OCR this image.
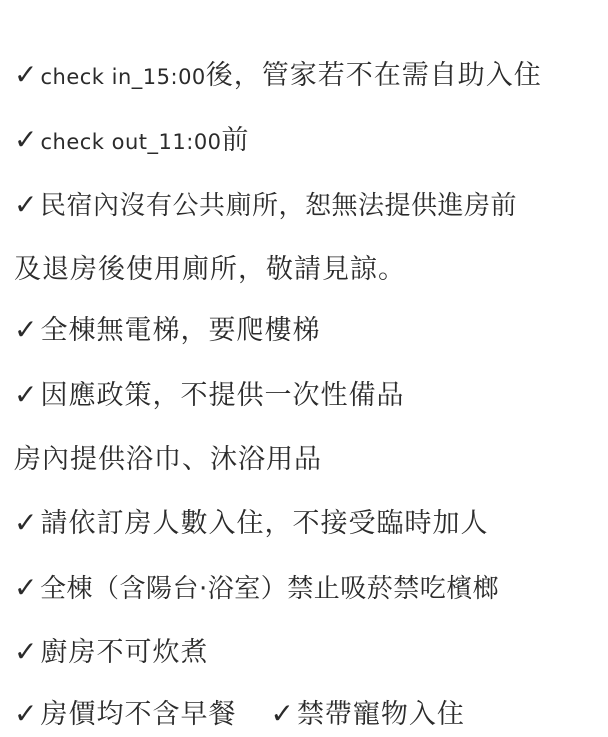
✓check in_15:00後，管家若不在需自助入住
✓check out_11:00前
✓民宿內沒有公共廁所，恕無法提供進房前
及退房後使用廁所，敬請見諒。
✓全棟無電梯，要爬樓梯
✓因應政策，不提供一次性備品
房內提供浴巾、沐浴用品
✓請依訂房人數入住，不接受臨時加人
✓全棟（含陽台·浴室）禁止吸菸禁吃檳榔
✓廚房不可炊煮
✓房價均不含早餐 ✓禁帶寵物入住
